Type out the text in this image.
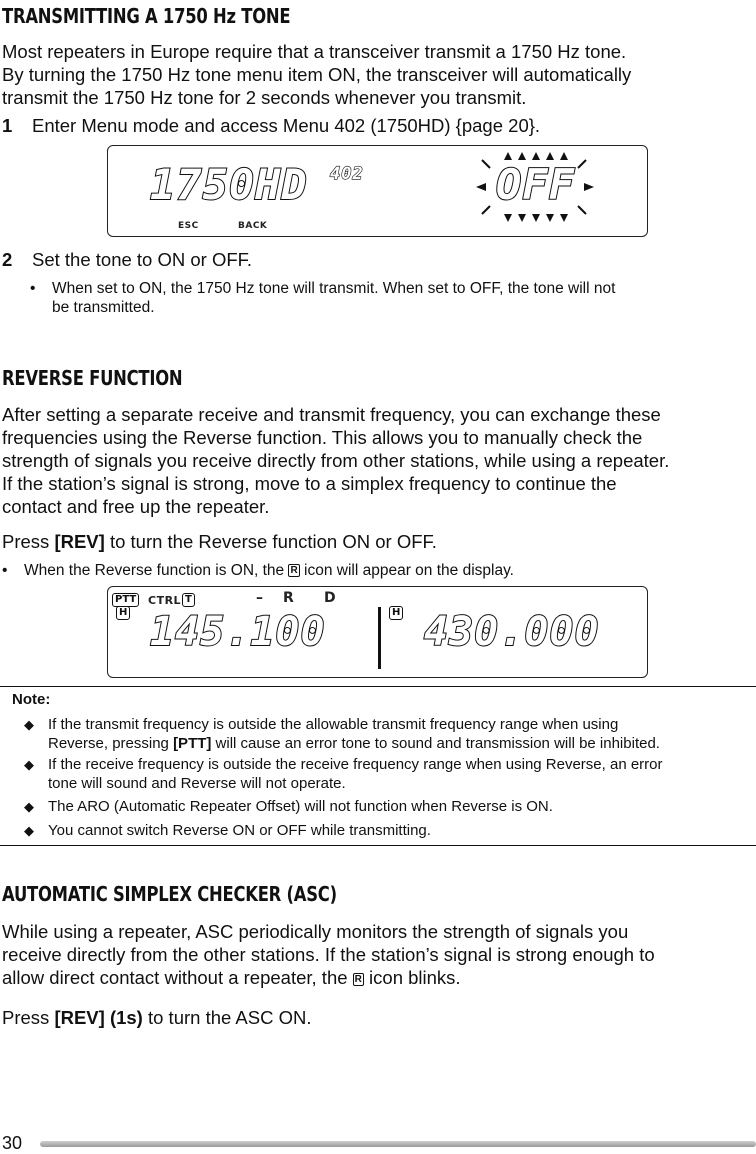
TRANSMITTING A 1750 Hz TONE
Most repeaters in Europe require that a transceiver transmit a 1750 Hz tone.
By turning the 1750 Hz tone menu item ON, the transceiver will automatically
transmit the 1750 Hz tone for 2 seconds whenever you transmit.
1 Enter Menu mode and access Menu 402 (1750HD) {page 20}.
1750HD 402
ESC	BACK
OFF
2 Set the tone to ON or OFF.
• When set to ON, the 1750 Hz tone will transmit. When set to OFF, the tone will not
be transmitted.
REVERSE FUNCTION
After setting a separate receive and transmit frequency, you can exchange these
frequencies using the Reverse function. This allows you to manually check the
strength of signals you receive directly from other stations, while using a repeater.
If the station’s signal is strong, move to a simplex frequency to continue the
contact and free up the repeater.
Press [REV] to turn the Reverse function ON or OFF.
• When the Reverse function is ON, the R icon will appear on the display.
PTT
H
CTRL T	– R D
145.100	H 430.000
Note:
◆ If the transmit frequency is outside the allowable transmit frequency range when using
Reverse, pressing [PTT] will cause an error tone to sound and transmission will be inhibited.
◆ If the receive frequency is outside the receive frequency range when using Reverse, an error
tone will sound and Reverse will not operate.
◆ The ARO (Automatic Repeater Offset) will not function when Reverse is ON.
◆ You cannot switch Reverse ON or OFF while transmitting.
AUTOMATIC SIMPLEX CHECKER (ASC)
While using a repeater, ASC periodically monitors the strength of signals you
receive directly from the other stations. If the station’s signal is strong enough to
allow direct contact without a repeater, the R icon blinks.
Press [REV] (1s) to turn the ASC ON.
30
